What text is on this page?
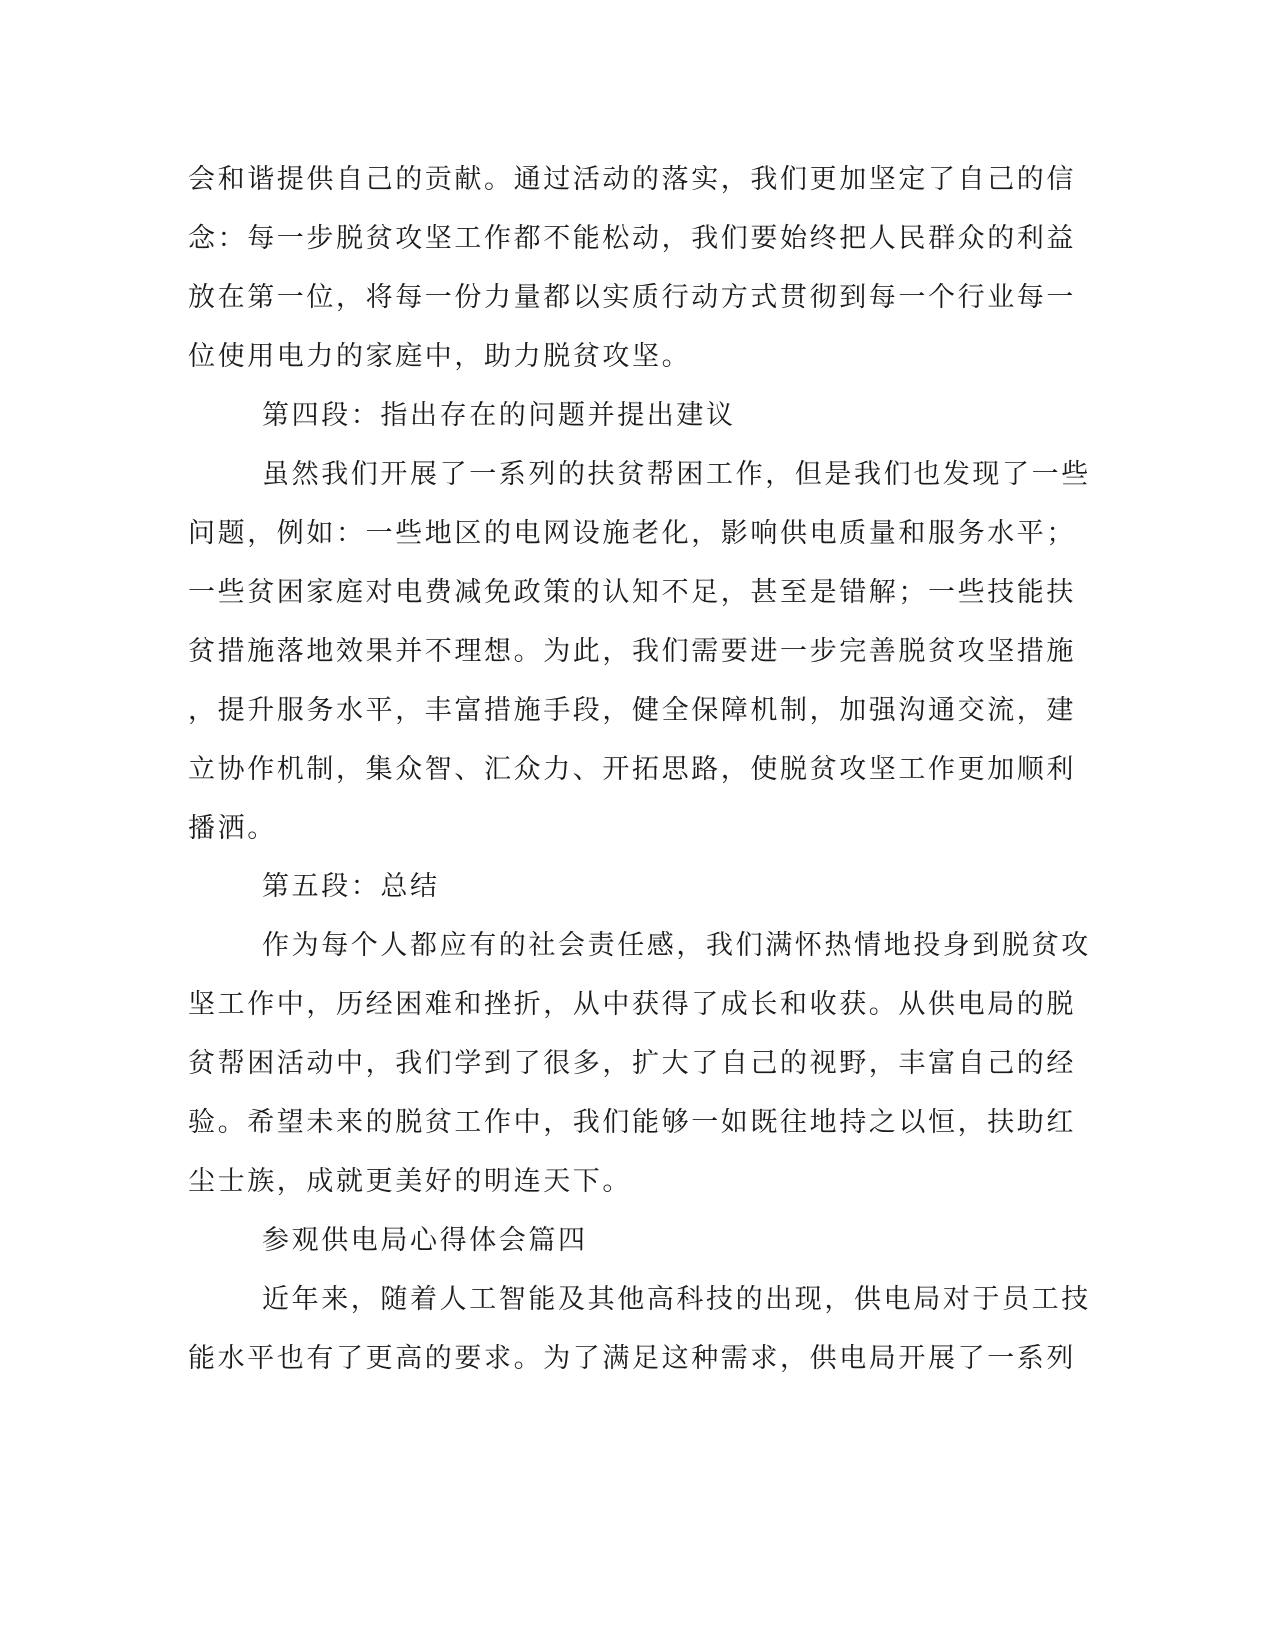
会和谐提供自己的贡献。通过活动的落实，我们更加坚定了自己的信
念：每一步脱贫攻坚工作都不能松动，我们要始终把人民群众的利益
放在第一位，将每一份力量都以实质行动方式贯彻到每一个行业每一
位使用电力的家庭中，助力脱贫攻坚。
第四段：指出存在的问题并提出建议
虽然我们开展了一系列的扶贫帮困工作，但是我们也发现了一些
问题，例如：一些地区的电网设施老化，影响供电质量和服务水平；
一些贫困家庭对电费减免政策的认知不足，甚至是错解；一些技能扶
贫措施落地效果并不理想。为此，我们需要进一步完善脱贫攻坚措施
，提升服务水平，丰富措施手段，健全保障机制，加强沟通交流，建
立协作机制，集众智、汇众力、开拓思路，使脱贫攻坚工作更加顺利
播洒。
第五段：总结
作为每个人都应有的社会责任感，我们满怀热情地投身到脱贫攻
坚工作中，历经困难和挫折，从中获得了成长和收获。从供电局的脱
贫帮困活动中，我们学到了很多，扩大了自己的视野，丰富自己的经
验。希望未来的脱贫工作中，我们能够一如既往地持之以恒，扶助红
尘士族，成就更美好的明连天下。
参观供电局心得体会篇四
近年来，随着人工智能及其他高科技的出现，供电局对于员工技
能水平也有了更高的要求。为了满足这种需求，供电局开展了一系列
